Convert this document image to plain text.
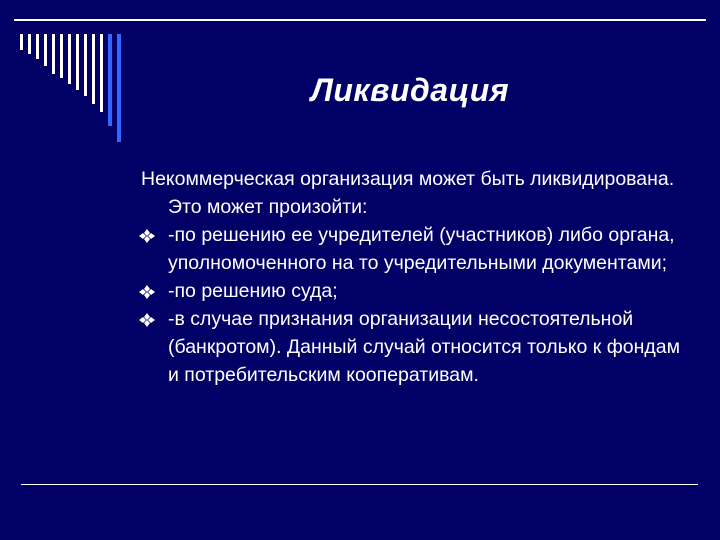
Ликвидация

Некоммерческая организация может быть ликвидирована. Это может произойти:

-по решению ее учредителей (участников) либо органа, уполномоченного на то учредительными документами;
-по решению суда;
-в случае признания организации несостоятельной (банкротом). Данный случай относится только к фондам и потребительским кооперативам.
